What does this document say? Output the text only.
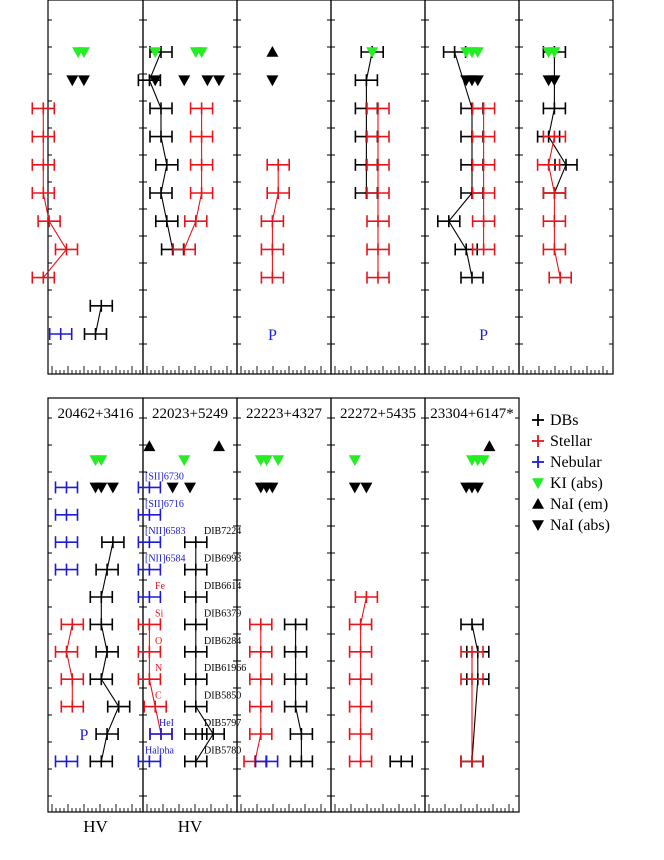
P	P
20462+3416
HV
P
22023+5249
HV
[SII]6730
[SII]6716
[NII]6583
[NII]6584
Fe
Si
O
N
C
HeI
Halpha
DIB7224
DIB6993
DIB6614
DIB6379
DIB6284
DIB61966
DIB5850
DIB5797
DIB5780
22223+4327 22272+5435 23304+6147* DBs
Stellar
Nebular
KI (abs)
NaI (em)
NaI (abs)
